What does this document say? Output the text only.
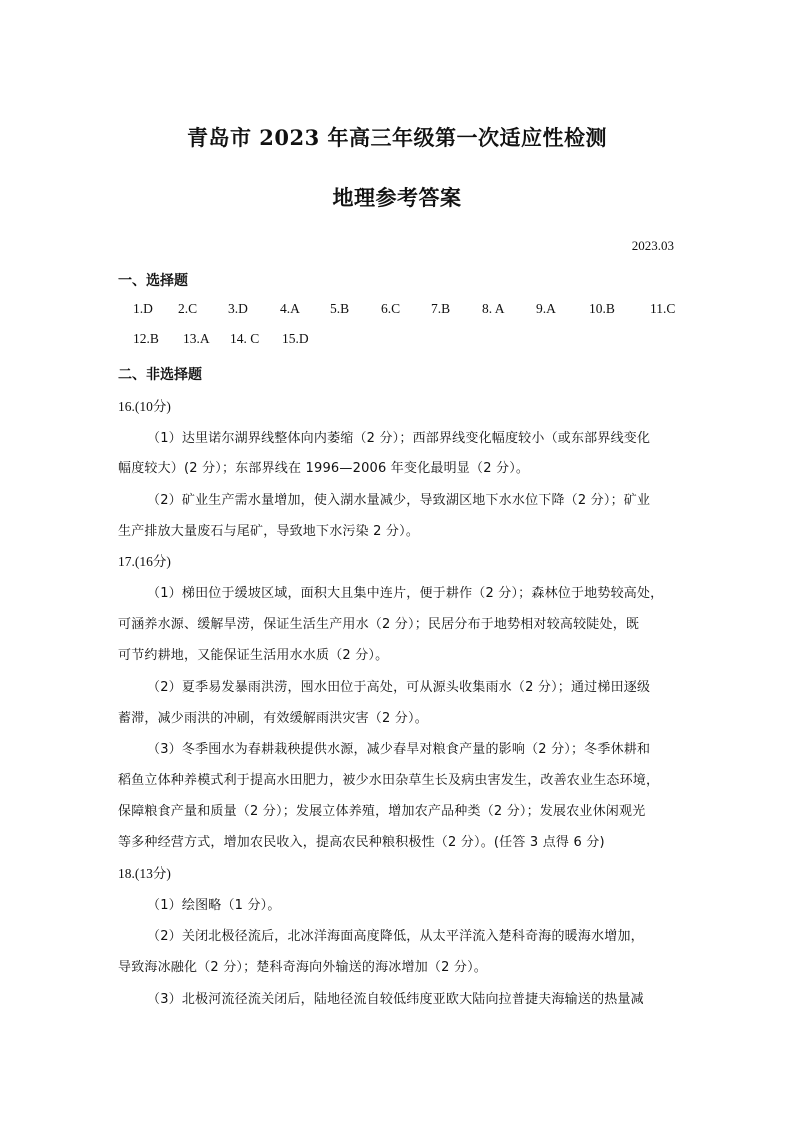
青岛市 2023 年高三年级第一次适应性检测
地理参考答案
2023.03
一、选择题
1.D 2.C 3.D 4.A 5.B 6.C 7.B 8. A 9.A 10.B	11.C
12.B 13.A 14. C 15.D
二、非选择题
16.(10分)
（1）达里诺尔湖界线整体向内萎缩（2 分）；西部界线变化幅度较小（或东部界线变化
幅度较大）(2 分）；东部界线在 1996—2006 年变化最明显（2 分）。
（2）矿业生产需水量增加，使入湖水量减少，导致湖区地下水水位下降（2 分）；矿业
生产排放大量废石与尾矿，导致地下水污染 2 分）。
17.(16分)
（1）梯田位于缓坡区域，面积大且集中连片，便于耕作（2 分）；森林位于地势较高处，
可涵养水源、缓解旱涝，保证生活生产用水（2 分）；民居分布于地势相对较高较陡处，既
可节约耕地，又能保证生活用水水质（2 分）。
（2）夏季易发暴雨洪涝，囤水田位于高处，可从源头收集雨水（2 分）；通过梯田逐级
蓄滞，减少雨洪的冲刷，有效缓解雨洪灾害（2 分）。
（3）冬季囤水为春耕栽秧提供水源，减少春旱对粮食产量的影响（2 分）；冬季休耕和
稻鱼立体种养模式利于提高水田肥力，被少水田杂草生长及病虫害发生，改善农业生态环境，
保障粮食产量和质量（2 分）；发展立体养殖，增加农产品种类（2 分）；发展农业休闲观光
等多种经营方式，增加农民收入，提高农民种粮积极性（2 分）。(任答 3 点得 6 分)
18.(13分)
（1）绘图略（1 分）。
（2）关闭北极径流后，北冰洋海面高度降低，从太平洋流入楚科奇海的暖海水增加，
导致海冰融化（2 分）；楚科奇海向外输送的海冰增加（2 分）。
（3）北极河流径流关闭后，陆地径流自较低纬度亚欧大陆向拉普捷夫海输送的热量减
